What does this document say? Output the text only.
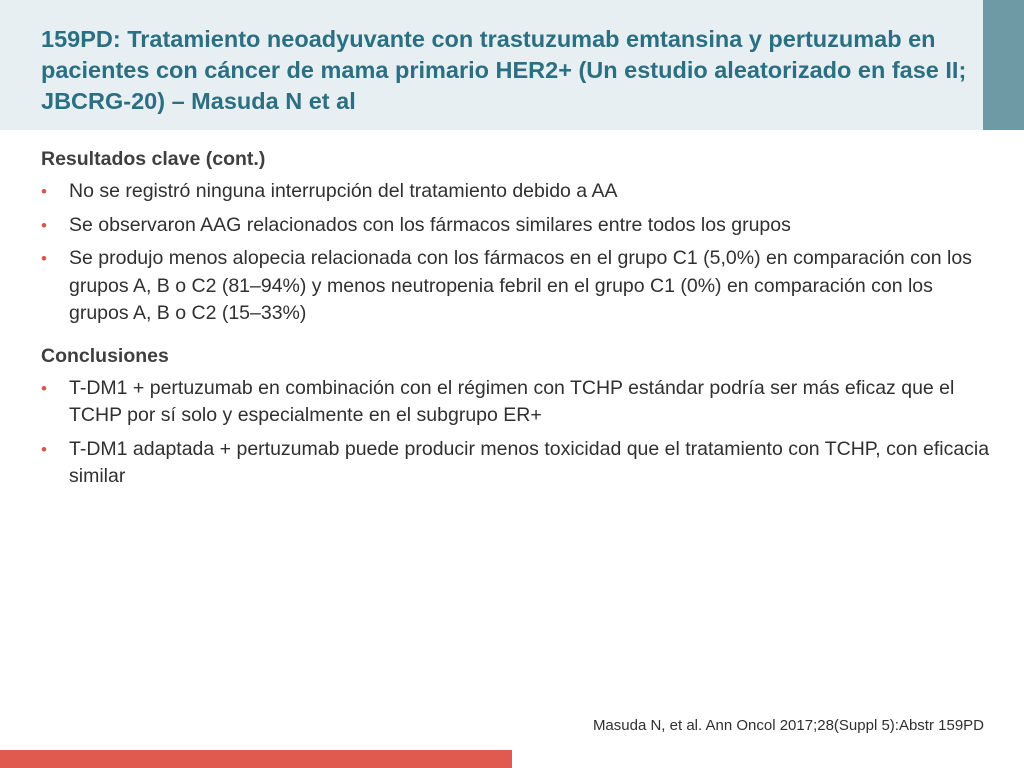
159PD: Tratamiento neoadyuvante con trastuzumab emtansina y pertuzumab en pacientes con cáncer de mama primario HER2+ (Un estudio aleatorizado en fase II; JBCRG-20) – Masuda N et al
Resultados clave (cont.)
• No se registró ninguna interrupción del tratamiento debido a AA
• Se observaron AAG relacionados con los fármacos similares entre todos los grupos
• Se produjo menos alopecia relacionada con los fármacos en el grupo C1 (5,0%) en comparación con los grupos A, B o C2 (81–94%) y menos neutropenia febril en el grupo C1 (0%) en comparación con los grupos A, B o C2 (15–33%)
Conclusiones
• T-DM1 + pertuzumab en combinación con el régimen con TCHP estándar podría ser más eficaz que el TCHP por sí solo y especialmente en el subgrupo ER+
• T-DM1 adaptada + pertuzumab puede producir menos toxicidad que el tratamiento con TCHP, con eficacia similar
Masuda N, et al. Ann Oncol 2017;28(Suppl 5):Abstr 159PD
